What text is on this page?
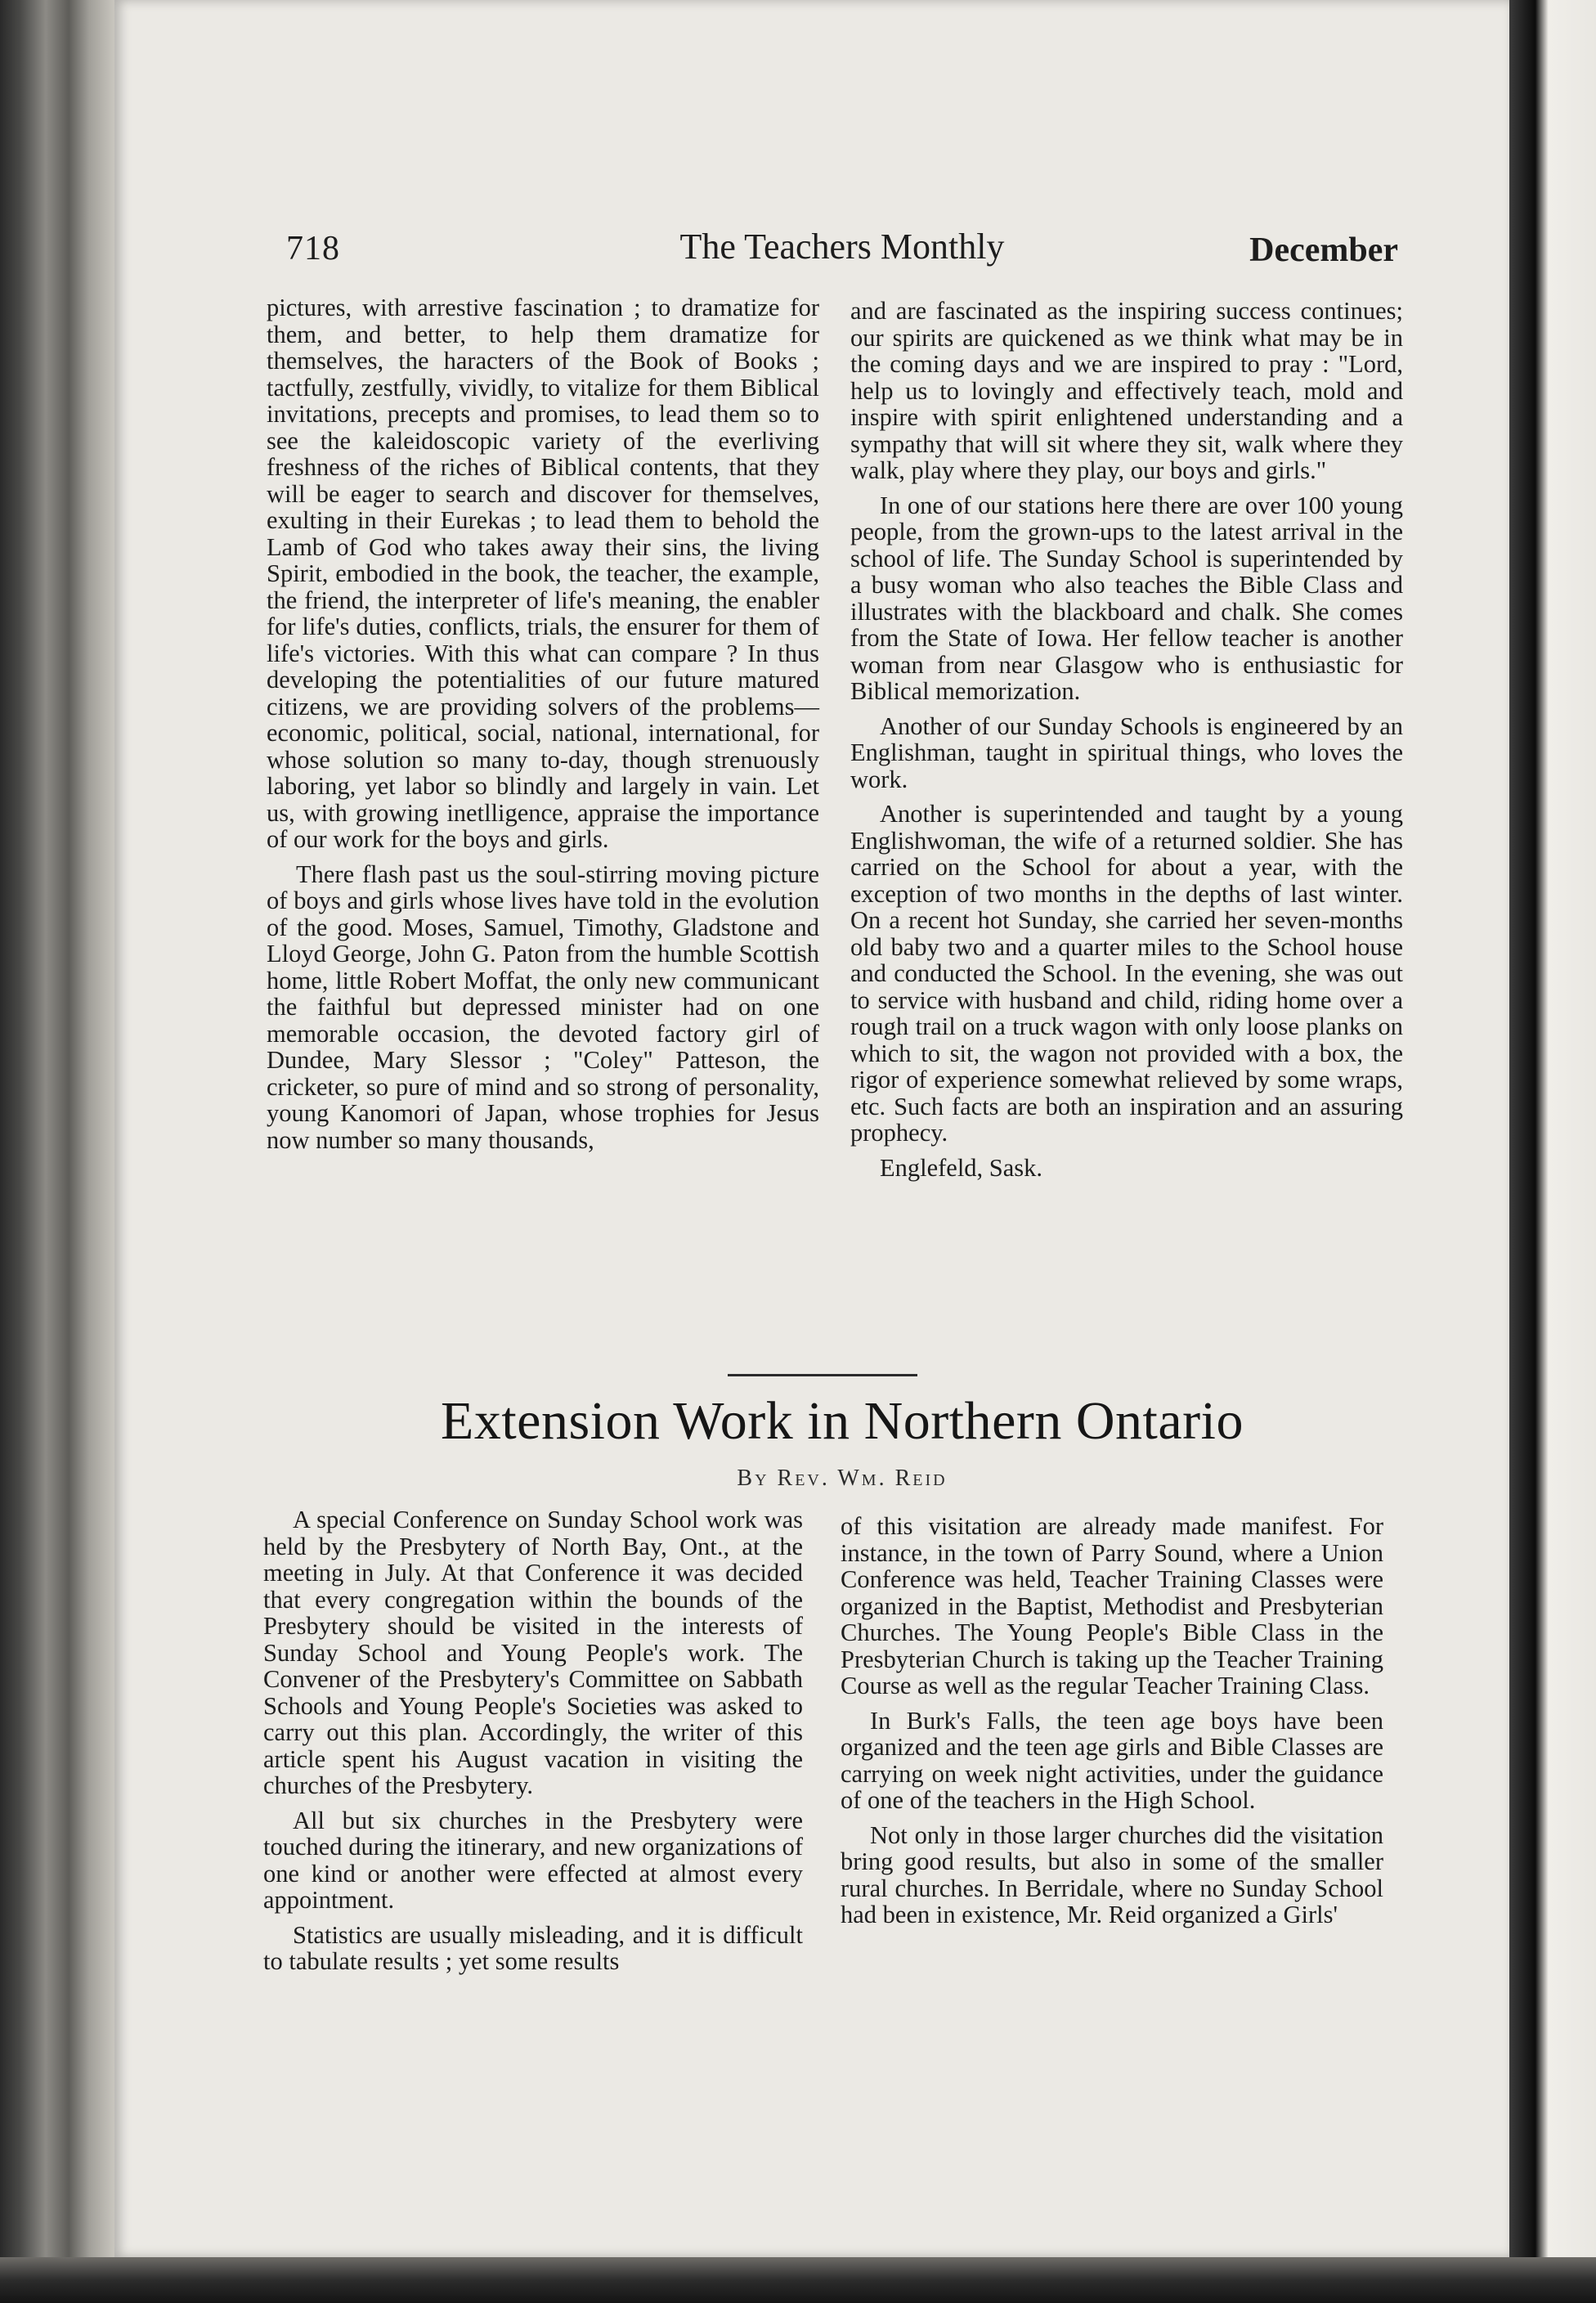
718	The Teachers Monthly	December

pictures, with arrestive fascination ; to dramatize for them, and better, to help them dramatize for themselves, the haracters of the Book of Books ; tactfully, zestfully, vividly, to vitalize for them Biblical invitations, precepts and promises, to lead them so to see the kaleidoscopic variety of the everliving freshness of the riches of Biblical contents, that they will be eager to search and discover for themselves, exulting in their Eurekas ; to lead them to behold the Lamb of God who takes away their sins, the living Spirit, embodied in the book, the teacher, the example, the friend, the interpreter of life's meaning, the enabler for life's duties, conflicts, trials, the ensurer for them of life's victories. With this what can compare ? In thus developing the potentialities of our future matured citizens, we are providing solvers of the problems—economic, political, social, national, international, for whose solution so many to-day, though strenuously laboring, yet labor so blindly and largely in vain. Let us, with growing inetlligence, appraise the importance of our work for the boys and girls.

There flash past us the soul-stirring moving picture of boys and girls whose lives have told in the evolution of the good. Moses, Samuel, Timothy, Gladstone and Lloyd George, John G. Paton from the humble Scottish home, little Robert Moffat, the only new communicant the faithful but depressed minister had on one memorable occasion, the devoted factory girl of Dundee, Mary Slessor ; "Coley" Patteson, the cricketer, so pure of mind and so strong of personality, young Kanomori of Japan, whose trophies for Jesus now number so many thousands,

and are fascinated as the inspiring success continues; our spirits are quickened as we think what may be in the coming days and we are inspired to pray : "Lord, help us to lovingly and effectively teach, mold and inspire with spirit enlightened understanding and a sympathy that will sit where they sit, walk where they walk, play where they play, our boys and girls."

In one of our stations here there are over 100 young people, from the grown-ups to the latest arrival in the school of life. The Sunday School is superintended by a busy woman who also teaches the Bible Class and illustrates with the blackboard and chalk. She comes from the State of Iowa. Her fellow teacher is another woman from near Glasgow who is enthusiastic for Biblical memorization.

Another of our Sunday Schools is engineered by an Englishman, taught in spiritual things, who loves the work.

Another is superintended and taught by a young Englishwoman, the wife of a returned soldier. She has carried on the School for about a year, with the exception of two months in the depths of last winter. On a recent hot Sunday, she carried her seven-months old baby two and a quarter miles to the School house and conducted the School. In the evening, she was out to service with husband and child, riding home over a rough trail on a truck wagon with only loose planks on which to sit, the wagon not provided with a box, the rigor of experience somewhat relieved by some wraps, etc. Such facts are both an inspiration and an assuring prophecy.

Englefeld, Sask.

Extension Work in Northern Ontario
By Rev. Wm. Reid

A special Conference on Sunday School work was held by the Presbytery of North Bay, Ont., at the meeting in July. At that Conference it was decided that every congregation within the bounds of the Presbytery should be visited in the interests of Sunday School and Young People's work. The Convener of the Presbytery's Committee on Sabbath Schools and Young People's Societies was asked to carry out this plan. Accordingly, the writer of this article spent his August vacation in visiting the churches of the Presbytery.

All but six churches in the Presbytery were touched during the itinerary, and new organizations of one kind or another were effected at almost every appointment.

Statistics are usually misleading, and it is difficult to tabulate results ; yet some results

of this visitation are already made manifest. For instance, in the town of Parry Sound, where a Union Conference was held, Teacher Training Classes were organized in the Baptist, Methodist and Presbyterian Churches. The Young People's Bible Class in the Presbyterian Church is taking up the Teacher Training Course as well as the regular Teacher Training Class.

In Burk's Falls, the teen age boys have been organized and the teen age girls and Bible Classes are carrying on week night activities, under the guidance of one of the teachers in the High School.

Not only in those larger churches did the visitation bring good results, but also in some of the smaller rural churches. In Berridale, where no Sunday School had been in existence, Mr. Reid organized a Girls'
